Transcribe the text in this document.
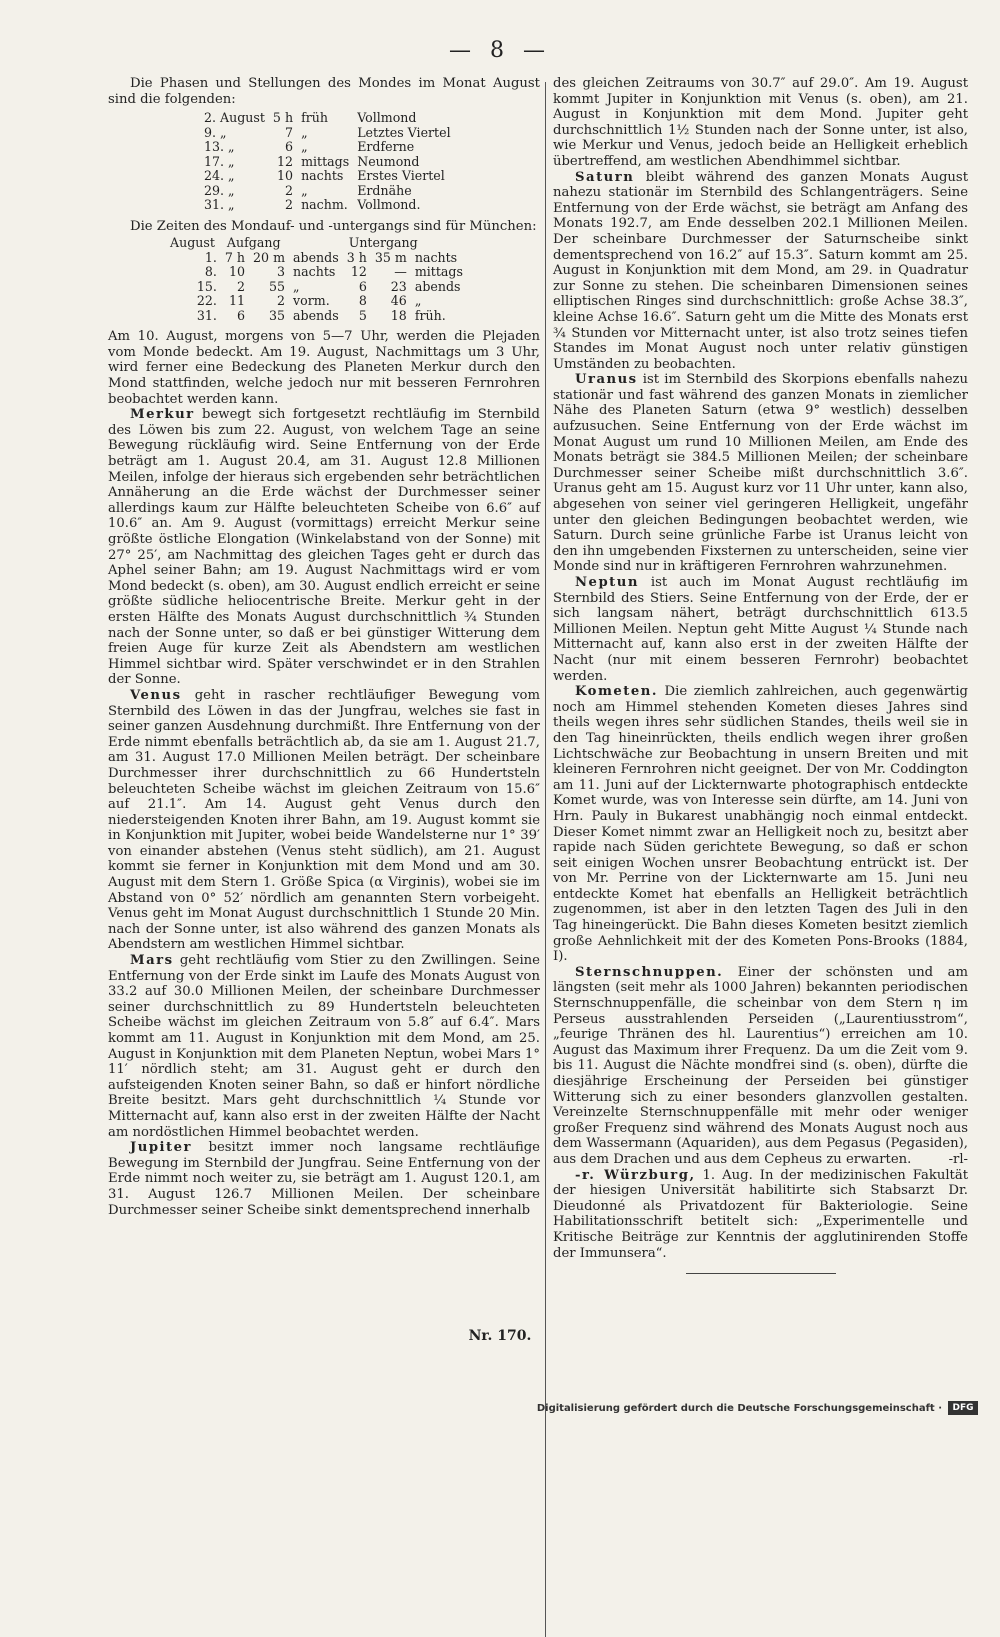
— 8 —

Die Phasen und Stellungen des Mondes im Monat August sind die folgenden:

2. August	5 h	früh	Vollmond
9. „	7	„	Letztes Viertel
13. „	6	„	Erdferne
17. „	12	mittags	Neumond
24. „	10	nachts	Erstes Viertel
29. „	2	„	Erdnähe
31. „	2	nachm.	Vollmond.

Die Zeiten des Mondauf- und -untergangs sind für München:

August	Aufgang			Untergang		
1.	7 h	20 m	abends	3 h	35 m	nachts
8.	10	3	nachts	12	—	mittags
15.	2	55	„	6	23	abends
22.	11	2	vorm.	8	46	„
31.	6	35	abends	5	18	früh.

Am 10. August, morgens von 5—7 Uhr, werden die Plejaden vom Monde bedeckt. Am 19. August, Nachmittags um 3 Uhr, wird ferner eine Bedeckung des Planeten Merkur durch den Mond stattfinden, welche jedoch nur mit besseren Fernrohren beobachtet werden kann.

Merkur bewegt sich fortgesetzt rechtläufig im Sternbild des Löwen bis zum 22. August, von welchem Tage an seine Bewegung rückläufig wird. Seine Entfernung von der Erde beträgt am 1. August 20.4, am 31. August 12.8 Millionen Meilen, infolge der hieraus sich ergebenden sehr beträchtlichen Annäherung an die Erde wächst der Durchmesser seiner allerdings kaum zur Hälfte beleuchteten Scheibe von 6.6″ auf 10.6″ an. Am 9. August (vormittags) erreicht Merkur seine größte östliche Elongation (Winkelabstand von der Sonne) mit 27° 25′, am Nachmittag des gleichen Tages geht er durch das Aphel seiner Bahn; am 19. August Nachmittags wird er vom Mond bedeckt (s. oben), am 30. August endlich erreicht er seine größte südliche heliocentrische Breite. Merkur geht in der ersten Hälfte des Monats August durchschnittlich ¾ Stunden nach der Sonne unter, so daß er bei günstiger Witterung dem freien Auge für kurze Zeit als Abendstern am westlichen Himmel sichtbar wird. Später verschwindet er in den Strahlen der Sonne.

Venus geht in rascher rechtläufiger Bewegung vom Sternbild des Löwen in das der Jungfrau, welches sie fast in seiner ganzen Ausdehnung durchmißt. Ihre Entfernung von der Erde nimmt ebenfalls beträchtlich ab, da sie am 1. August 21.7, am 31. August 17.0 Millionen Meilen beträgt. Der scheinbare Durchmesser ihrer durchschnittlich zu 66 Hundertsteln beleuchteten Scheibe wächst im gleichen Zeitraum von 15.6″ auf 21.1″. Am 14. August geht Venus durch den niedersteigenden Knoten ihrer Bahn, am 19. August kommt sie in Konjunktion mit Jupiter, wobei beide Wandelsterne nur 1° 39′ von einander abstehen (Venus steht südlich), am 21. August kommt sie ferner in Konjunktion mit dem Mond und am 30. August mit dem Stern 1. Größe Spica (α Virginis), wobei sie im Abstand von 0° 52′ nördlich am genannten Stern vorbeigeht. Venus geht im Monat August durchschnittlich 1 Stunde 20 Min. nach der Sonne unter, ist also während des ganzen Monats als Abendstern am westlichen Himmel sichtbar.

Mars geht rechtläufig vom Stier zu den Zwillingen. Seine Entfernung von der Erde sinkt im Laufe des Monats August von 33.2 auf 30.0 Millionen Meilen, der scheinbare Durchmesser seiner durchschnittlich zu 89 Hundertsteln beleuchteten Scheibe wächst im gleichen Zeitraum von 5.8″ auf 6.4″. Mars kommt am 11. August in Konjunktion mit dem Mond, am 25. August in Konjunktion mit dem Planeten Neptun, wobei Mars 1° 11′ nördlich steht; am 31. August geht er durch den aufsteigenden Knoten seiner Bahn, so daß er hinfort nördliche Breite besitzt. Mars geht durchschnittlich ¼ Stunde vor Mitternacht auf, kann also erst in der zweiten Hälfte der Nacht am nordöstlichen Himmel beobachtet werden.

Jupiter besitzt immer noch langsame rechtläufige Bewegung im Sternbild der Jungfrau. Seine Entfernung von der Erde nimmt noch weiter zu, sie beträgt am 1. August 120.1, am 31. August 126.7 Millionen Meilen. Der scheinbare Durchmesser seiner Scheibe sinkt dementsprechend innerhalb

des gleichen Zeitraums von 30.7″ auf 29.0″. Am 19. August kommt Jupiter in Konjunktion mit Venus (s. oben), am 21. August in Konjunktion mit dem Mond. Jupiter geht durchschnittlich 1½ Stunden nach der Sonne unter, ist also, wie Merkur und Venus, jedoch beide an Helligkeit erheblich übertreffend, am westlichen Abendhimmel sichtbar.

Saturn bleibt während des ganzen Monats August nahezu stationär im Sternbild des Schlangenträgers. Seine Entfernung von der Erde wächst, sie beträgt am Anfang des Monats 192.7, am Ende desselben 202.1 Millionen Meilen. Der scheinbare Durchmesser der Saturnscheibe sinkt dementsprechend von 16.2″ auf 15.3″. Saturn kommt am 25. August in Konjunktion mit dem Mond, am 29. in Quadratur zur Sonne zu stehen. Die scheinbaren Dimensionen seines elliptischen Ringes sind durchschnittlich: große Achse 38.3″, kleine Achse 16.6″. Saturn geht um die Mitte des Monats erst ¾ Stunden vor Mitternacht unter, ist also trotz seines tiefen Standes im Monat August noch unter relativ günstigen Umständen zu beobachten.

Uranus ist im Sternbild des Skorpions ebenfalls nahezu stationär und fast während des ganzen Monats in ziemlicher Nähe des Planeten Saturn (etwa 9° westlich) desselben aufzusuchen. Seine Entfernung von der Erde wächst im Monat August um rund 10 Millionen Meilen, am Ende des Monats beträgt sie 384.5 Millionen Meilen; der scheinbare Durchmesser seiner Scheibe mißt durchschnittlich 3.6″. Uranus geht am 15. August kurz vor 11 Uhr unter, kann also, abgesehen von seiner viel geringeren Helligkeit, ungefähr unter den gleichen Bedingungen beobachtet werden, wie Saturn. Durch seine grünliche Farbe ist Uranus leicht von den ihn umgebenden Fixsternen zu unterscheiden, seine vier Monde sind nur in kräftigeren Fernrohren wahrzunehmen.

Neptun ist auch im Monat August rechtläufig im Sternbild des Stiers. Seine Entfernung von der Erde, der er sich langsam nähert, beträgt durchschnittlich 613.5 Millionen Meilen. Neptun geht Mitte August ¼ Stunde nach Mitternacht auf, kann also erst in der zweiten Hälfte der Nacht (nur mit einem besseren Fernrohr) beobachtet werden.

Kometen. Die ziemlich zahlreichen, auch gegenwärtig noch am Himmel stehenden Kometen dieses Jahres sind theils wegen ihres sehr südlichen Standes, theils weil sie in den Tag hineinrückten, theils endlich wegen ihrer großen Lichtschwäche zur Beobachtung in unsern Breiten und mit kleineren Fernrohren nicht geeignet. Der von Mr. Coddington am 11. Juni auf der Lickternwarte photographisch entdeckte Komet wurde, was von Interesse sein dürfte, am 14. Juni von Hrn. Pauly in Bukarest unabhängig noch einmal entdeckt. Dieser Komet nimmt zwar an Helligkeit noch zu, besitzt aber rapide nach Süden gerichtete Bewegung, so daß er schon seit einigen Wochen unsrer Beobachtung entrückt ist. Der von Mr. Perrine von der Lickternwarte am 15. Juni neu entdeckte Komet hat ebenfalls an Helligkeit beträchtlich zugenommen, ist aber in den letzten Tagen des Juli in den Tag hineingerückt. Die Bahn dieses Kometen besitzt ziemlich große Aehnlichkeit mit der des Kometen Pons-Brooks (1884, I).

Sternschnuppen. Einer der schönsten und am längsten (seit mehr als 1000 Jahren) bekannten periodischen Sternschnuppenfälle, die scheinbar von dem Stern η im Perseus ausstrahlenden Perseiden („Laurentiusstrom“, „feurige Thränen des hl. Laurentius“) erreichen am 10. August das Maximum ihrer Frequenz. Da um die Zeit vom 9. bis 11. August die Nächte mondfrei sind (s. oben), dürfte die diesjährige Erscheinung der Perseiden bei günstiger Witterung sich zu einer besonders glanzvollen gestalten. Vereinzelte Sternschnuppenfälle mit mehr oder weniger großer Frequenz sind während des Monats August noch aus dem Wassermann (Aquariden), aus dem Pegasus (Pegasiden), aus dem Drachen und aus dem Cepheus zu erwarten.	-rl-

-r. Würzburg, 1. Aug. In der medizinischen Fakultät der hiesigen Universität habilitirte sich Stabsarzt Dr. Dieudonné als Privatdozent für Bakteriologie. Seine Habilitationsschrift betitelt sich: „Experimentelle und Kritische Beiträge zur Kenntnis der agglutinirenden Stoffe der Immunsera“.

Nr. 170.
Digitalisierung gefördert durch die Deutsche Forschungsgemeinschaft ·	DFG
